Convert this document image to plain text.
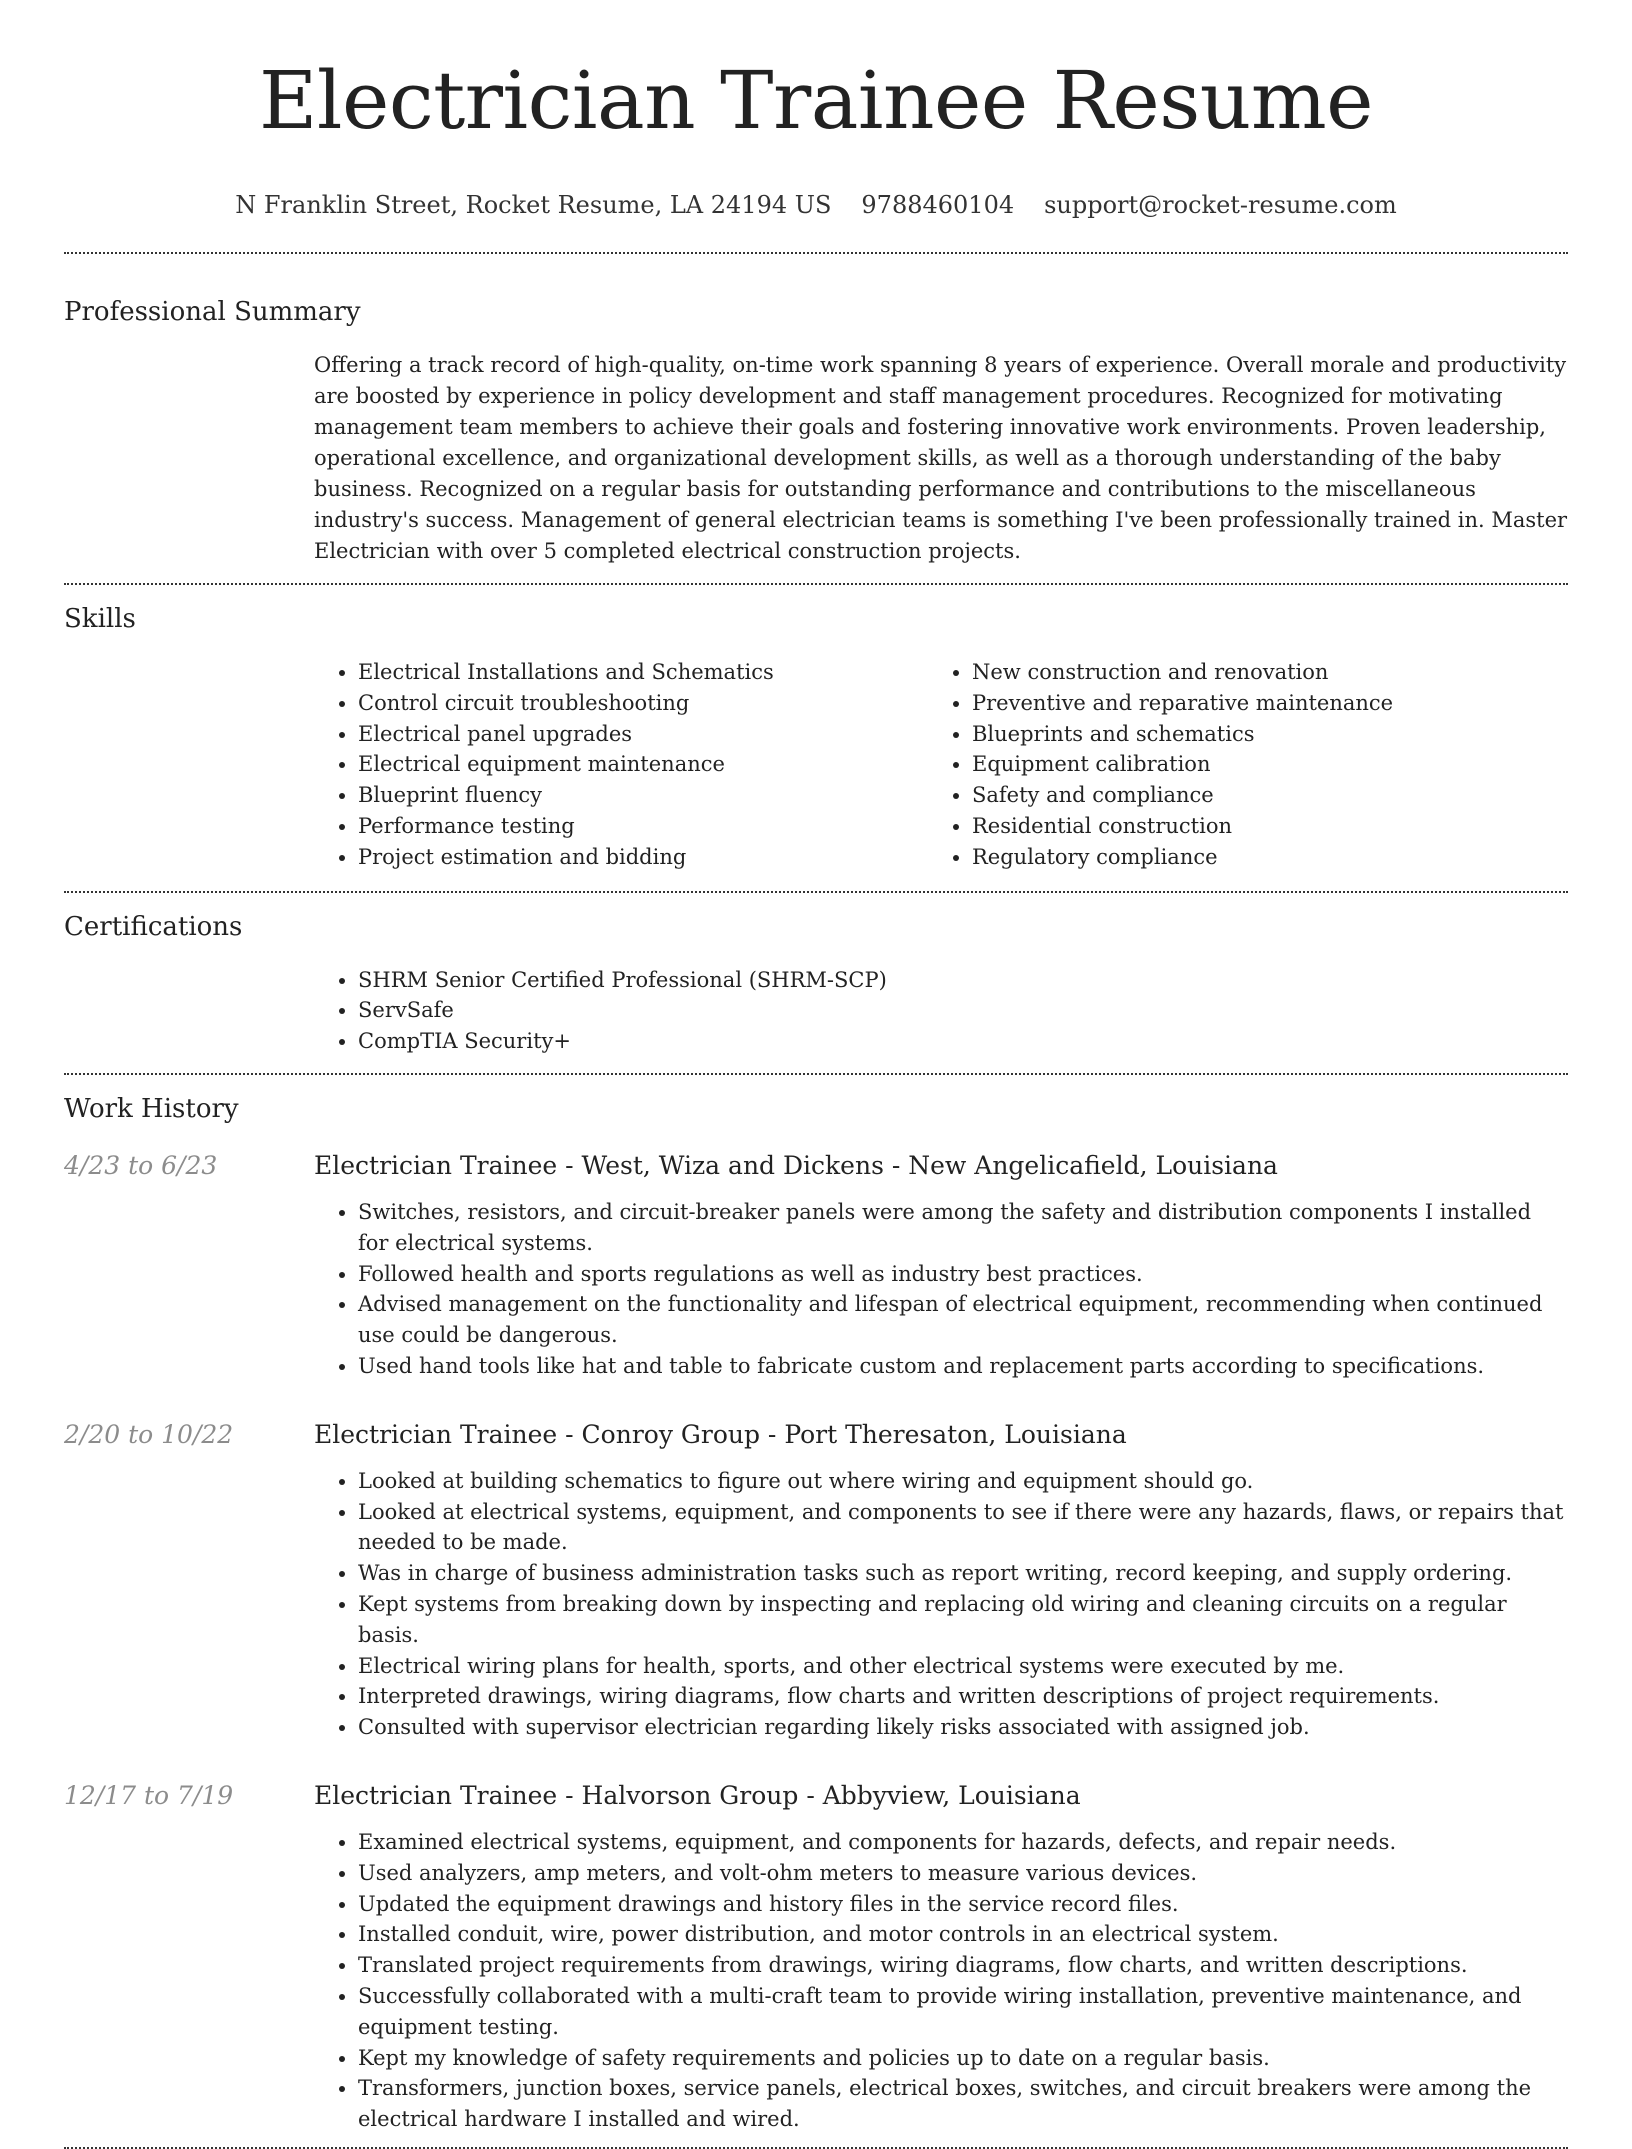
Electrician Trainee Resume
N Franklin Street, Rocket Resume, LA 24194 US 9788460104 support@rocket-resume.com
Professional Summary

Offering a track record of high-quality, on-time work spanning 8 years of experience. Overall morale and productivity are boosted by experience in policy development and staff management procedures. Recognized for motivating management team members to achieve their goals and fostering innovative work environments. Proven leadership, operational excellence, and organizational development skills, as well as a thorough understanding of the baby business. Recognized on a regular basis for outstanding performance and contributions to the miscellaneous industry's success. Management of general electrician teams is something I've been professionally trained in. Master Electrician with over 5 completed electrical construction projects.

Skills
• Electrical Installations and Schematics
• Control circuit troubleshooting
• Electrical panel upgrades
• Electrical equipment maintenance
• Blueprint fluency
• Performance testing
• Project estimation and bidding
• New construction and renovation
• Preventive and reparative maintenance
• Blueprints and schematics
• Equipment calibration
• Safety and compliance
• Residential construction
• Regulatory compliance
Certifications
• SHRM Senior Certified Professional (SHRM-SCP)
• ServSafe
• CompTIA Security+
Work History
4/23 to 6/23	Electrician Trainee - West, Wiza and Dickens - New Angelicafield, Louisiana
• Switches, resistors, and circuit-breaker panels were among the safety and distribution components I installed for electrical systems.
• Followed health and sports regulations as well as industry best practices.
• Advised management on the functionality and lifespan of electrical equipment, recommending when continued use could be dangerous.
• Used hand tools like hat and table to fabricate custom and replacement parts according to specifications.
2/20 to 10/22	Electrician Trainee - Conroy Group - Port Theresaton, Louisiana
• Looked at building schematics to figure out where wiring and equipment should go.
• Looked at electrical systems, equipment, and components to see if there were any hazards, flaws, or repairs that needed to be made.
• Was in charge of business administration tasks such as report writing, record keeping, and supply ordering.
• Kept systems from breaking down by inspecting and replacing old wiring and cleaning circuits on a regular basis.
• Electrical wiring plans for health, sports, and other electrical systems were executed by me.
• Interpreted drawings, wiring diagrams, flow charts and written descriptions of project requirements.
• Consulted with supervisor electrician regarding likely risks associated with assigned job.
12/17 to 7/19	Electrician Trainee - Halvorson Group - Abbyview, Louisiana
• Examined electrical systems, equipment, and components for hazards, defects, and repair needs.
• Used analyzers, amp meters, and volt-ohm meters to measure various devices.
• Updated the equipment drawings and history files in the service record files.
• Installed conduit, wire, power distribution, and motor controls in an electrical system.
• Translated project requirements from drawings, wiring diagrams, flow charts, and written descriptions.
• Successfully collaborated with a multi-craft team to provide wiring installation, preventive maintenance, and equipment testing.
• Kept my knowledge of safety requirements and policies up to date on a regular basis.
• Transformers, junction boxes, service panels, electrical boxes, switches, and circuit breakers were among the electrical hardware I installed and wired.
